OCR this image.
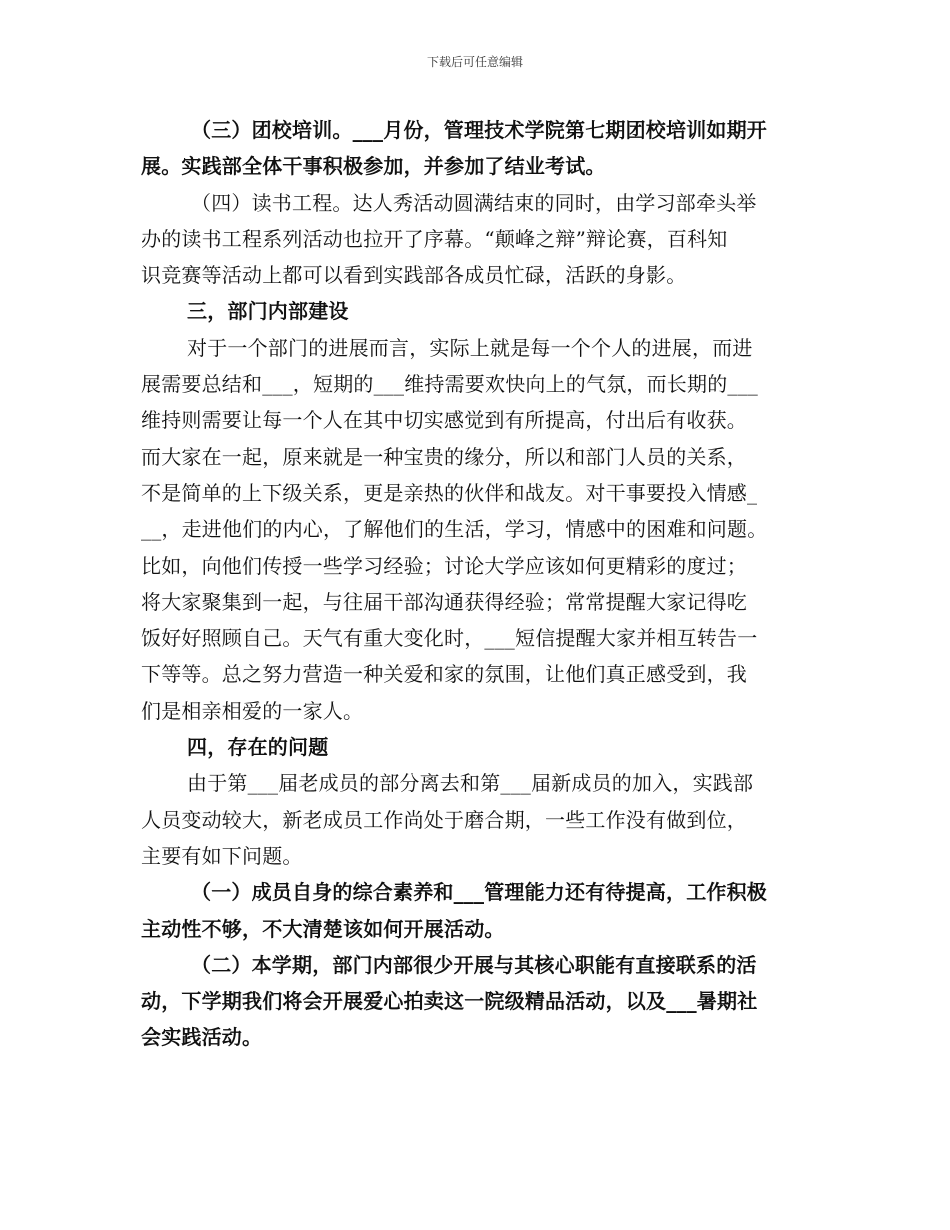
下载后可任意编辑
（三）团校培训。___月份，管理技术学院第七期团校培训如期开
展。实践部全体干事积极参加，并参加了结业考试。
（四）读书工程。达人秀活动圆满结束的同时，由学习部牵头举
办的读书工程系列活动也拉开了序幕。“颠峰之辩”辩论赛，百科知
识竞赛等活动上都可以看到实践部各成员忙碌，活跃的身影。
三，部门内部建设
对于一个部门的进展而言，实际上就是每一个个人的进展，而进
展需要总结和___，短期的___维持需要欢快向上的气氛，而长期的___
维持则需要让每一个人在其中切实感觉到有所提高，付出后有收获。
而大家在一起，原来就是一种宝贵的缘分，所以和部门人员的关系，
不是简单的上下级关系，更是亲热的伙伴和战友。对干事要投入情感_
__，走进他们的内心，了解他们的生活，学习，情感中的困难和问题。
比如，向他们传授一些学习经验；讨论大学应该如何更精彩的度过；
将大家聚集到一起，与往届干部沟通获得经验；常常提醒大家记得吃
饭好好照顾自己。天气有重大变化时，___短信提醒大家并相互转告一
下等等。总之努力营造一种关爱和家的氛围，让他们真正感受到，我
们是相亲相爱的一家人。
四，存在的问题
由于第___届老成员的部分离去和第___届新成员的加入，实践部
人员变动较大，新老成员工作尚处于磨合期，一些工作没有做到位，
主要有如下问题。
（一）成员自身的综合素养和___管理能力还有待提高，工作积极
主动性不够，不大清楚该如何开展活动。
（二）本学期，部门内部很少开展与其核心职能有直接联系的活
动，下学期我们将会开展爱心拍卖这一院级精品活动，以及___暑期社
会实践活动。
